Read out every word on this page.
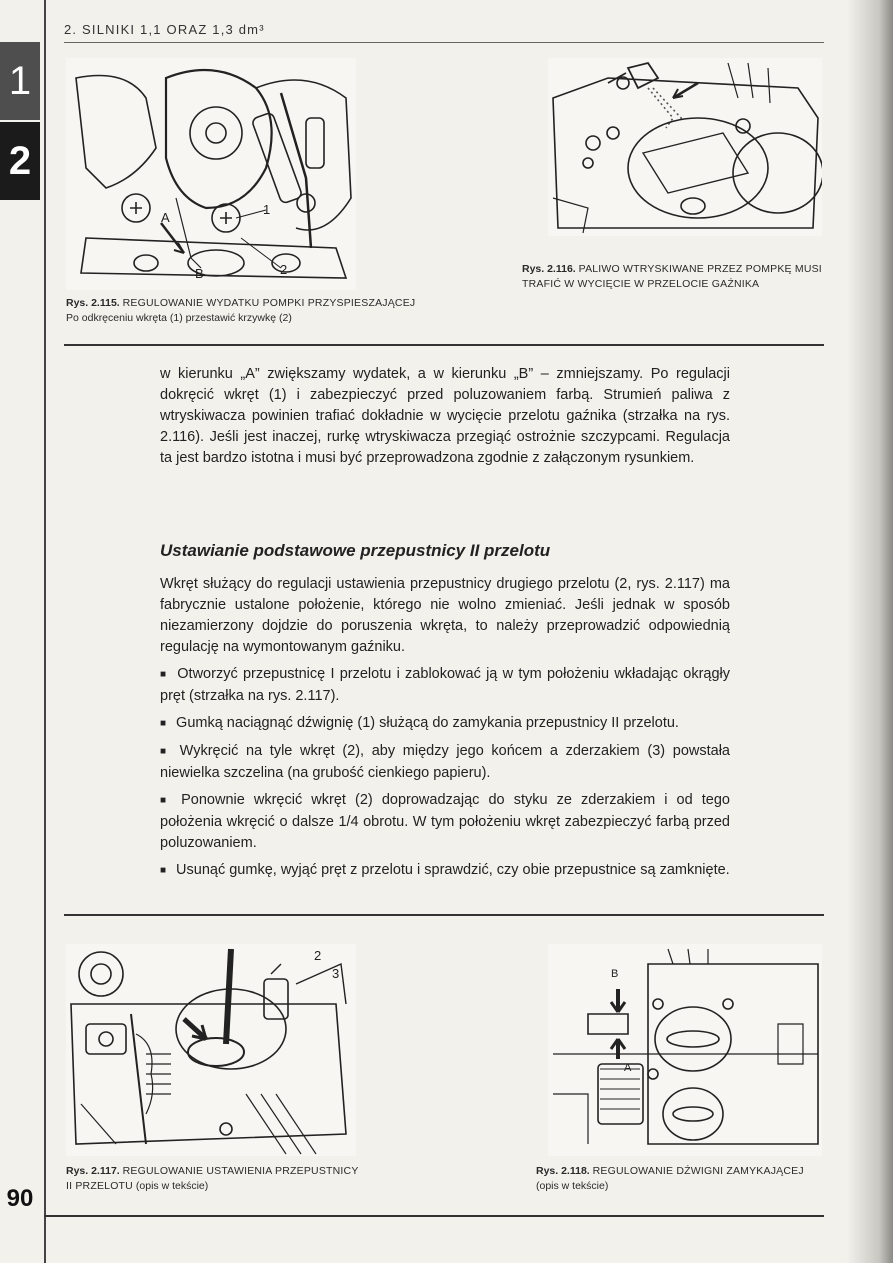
1
2
2. SILNIKI 1,1 ORAZ 1,3 dm³
A
B
1
2
Rys. 2.115. REGULOWANIE WYDATKU POMPKI PRZYSPIESZAJĄCEJ
Po odkręceniu wkręta (1) przestawić krzywkę (2)
Rys. 2.116. PALIWO WTRYSKIWANE PRZEZ POMPKĘ MUSI
TRAFIĆ W WYCIĘCIE W PRZELOCIE GAŹNIKA

w kierunku „A” zwiększamy wydatek, a w kierunku „B” – zmniejszamy. Po regulacji dokręcić wkręt (1) i zabezpieczyć przed poluzowaniem farbą. Strumień paliwa z wtryskiwacza powinien trafiać dokładnie w wycięcie przelotu gaźnika (strzałka na rys. 2.116). Jeśli jest inaczej, rurkę wtryskiwacza przegiąć ostrożnie szczypcami. Regulacja ta jest bardzo istotna i musi być przeprowadzona zgodnie z załączonym rysunkiem.

Ustawianie podstawowe przepustnicy II przelotu

Wkręt służący do regulacji ustawienia przepustnicy drugiego przelotu (2, rys. 2.117) ma fabrycznie ustalone położenie, którego nie wolno zmieniać. Jeśli jednak w sposób niezamierzony dojdzie do poruszenia wkręta, to należy przeprowadzić odpowiednią regulację na wymontowanym gaźniku.

■ Otworzyć przepustnicę I przelotu i zablokować ją w tym położeniu wkładając okrągły pręt (strzałka na rys. 2.117).

■ Gumką naciągnąć dźwignię (1) służącą do zamykania przepustnicy II przelotu.

■ Wykręcić na tyle wkręt (2), aby między jego końcem a zderzakiem (3) powstała niewielka szczelina (na grubość cienkiego papieru).

■ Ponownie wkręcić wkręt (2) doprowadzając do styku ze zderzakiem i od tego położenia wkręcić o dalsze 1/4 obrotu. W tym położeniu wkręt zabezpieczyć farbą przed poluzowaniem.

■ Usunąć gumkę, wyjąć pręt z przelotu i sprawdzić, czy obie przepustnice są zamknięte.

2
3
Rys. 2.117. REGULOWANIE USTAWIENIA PRZEPUSTNICY
II PRZELOTU (opis w tekście)
B
A
Rys. 2.118. REGULOWANIE DŹWIGNI ZAMYKAJĄCEJ
(opis w tekście)
90
